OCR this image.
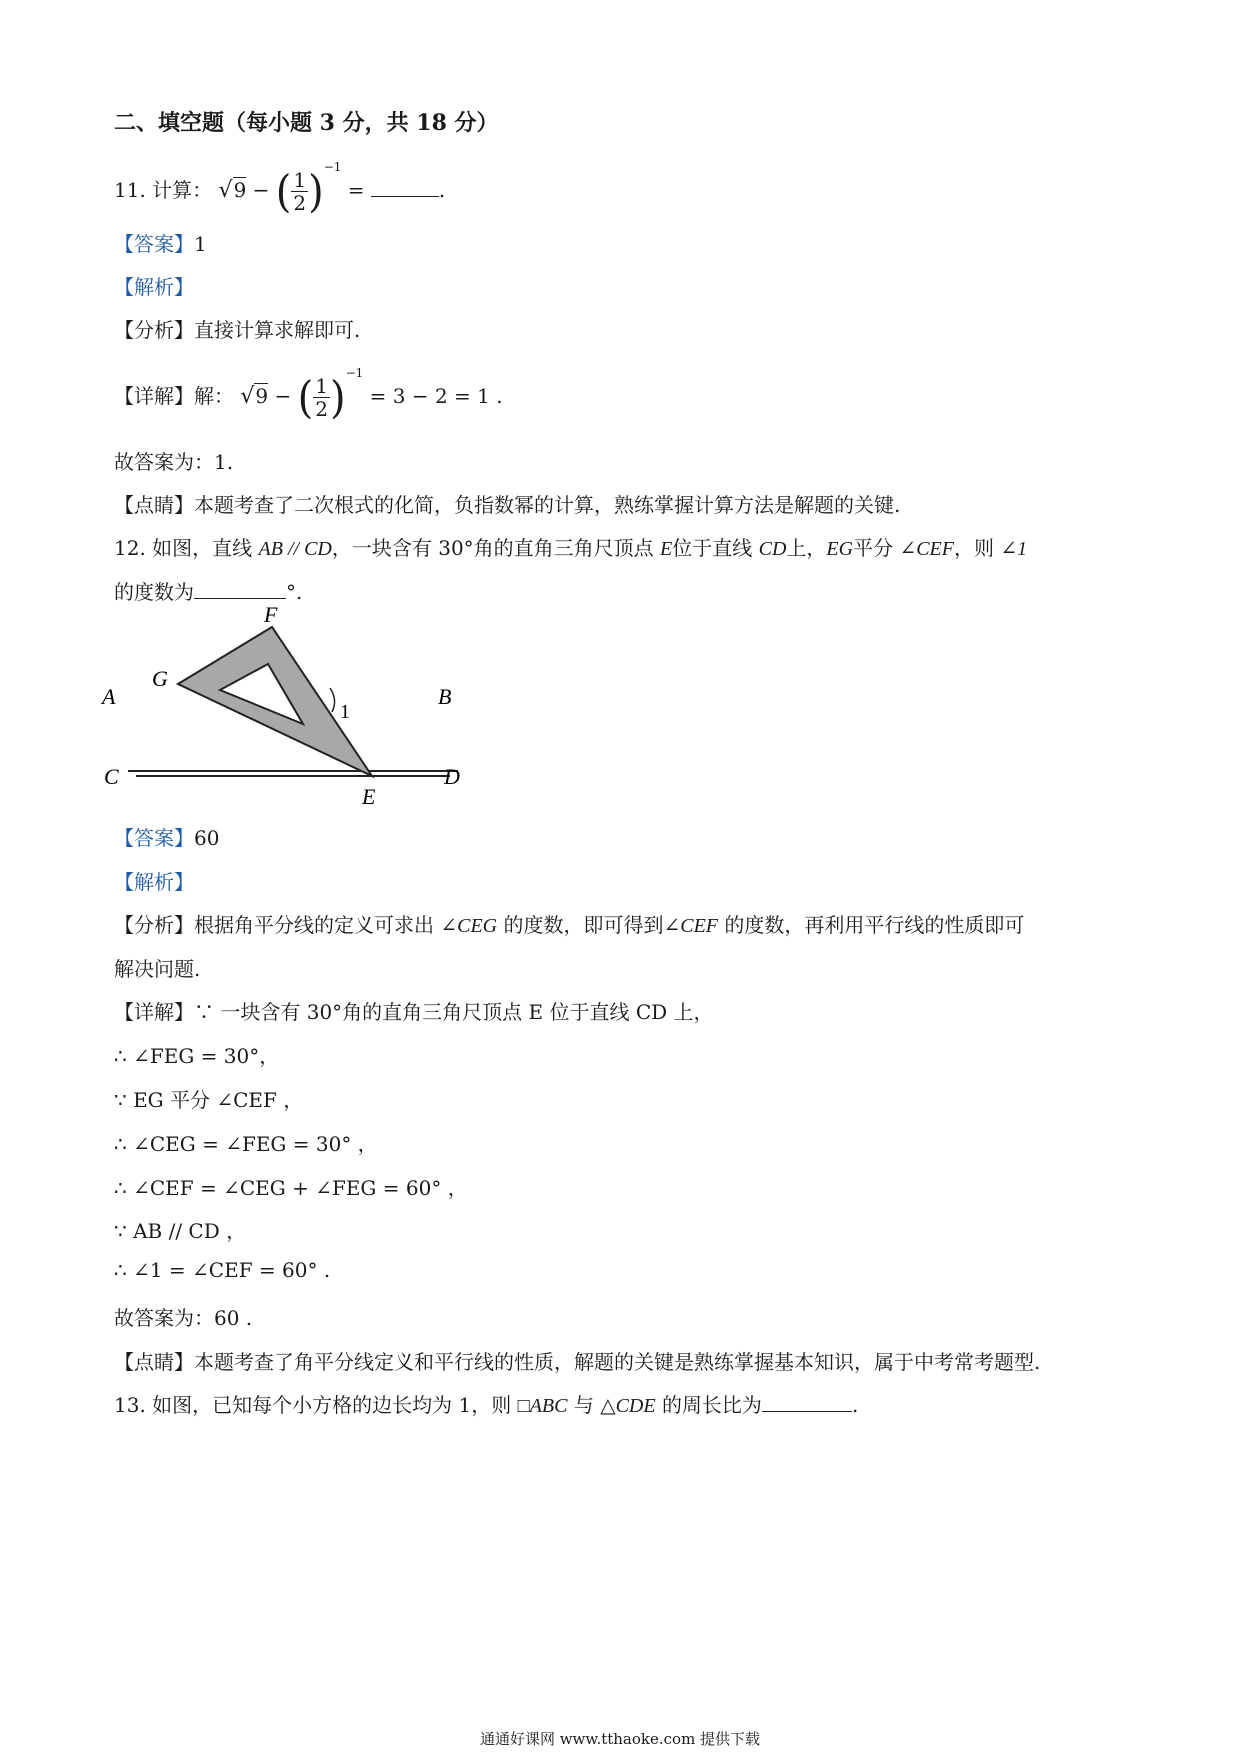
二、填空题（每小题 3 分，共 18 分）
11. 计算： √9 − ( $\frac{1}{2} )^{-1}$ =	.
【答案】1
【解析】
【分析】直接计算求解即可.
【详解】解： √9 − ( $\frac{1}{2} )^{-1} = 3 - 2 = 1$ .
故答案为：1.
【点睛】本题考查了二次根式的化简，负指数幂的计算，熟练掌握计算方法是解题的关键.
12. 如图，直线 AB // CD，一块含有 30°角的直角三角尺顶点 E位于直线 CD上，EG平分 ∠CEF，则 ∠1
的度数为	°.
A	B
C	D
E
F
G
1
【答案】60
【解析】
【分析】根据角平分线的定义可求出 ∠CEG 的度数，即可得到∠CEF 的度数，再利用平行线的性质即可
解决问题.
【详解】∵ 一块含有 30°角的直角三角尺顶点 E 位于直线 CD 上，
∴ ∠FEG = 30°，
∵ EG 平分 ∠CEF ，
∴ ∠CEG = ∠FEG = 30° ，
∴ ∠CEF = ∠CEG + ∠FEG = 60° ，
∵ AB // CD ，
∴ ∠1 = ∠CEF = 60° .
故答案为：60 .
【点睛】本题考查了角平分线定义和平行线的性质，解题的关键是熟练掌握基本知识，属于中考常考题型.
13. 如图，已知每个小方格的边长均为 1，则 □ABC 与 △CDE 的周长比为	.
通通好课网 www.tthaoke.com 提供下载
